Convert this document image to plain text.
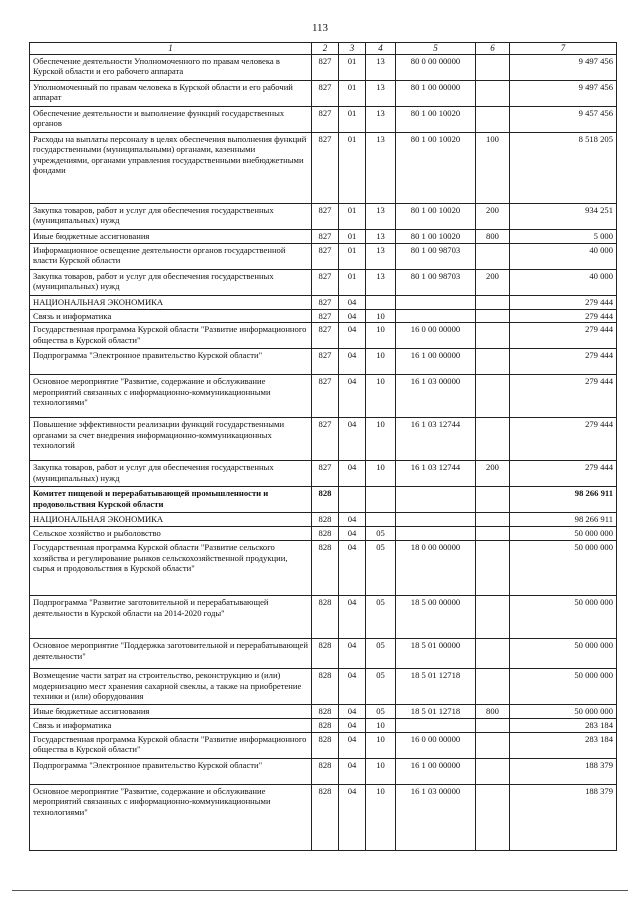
113
1	2	3	4	5	6	7
Обеспечение деятельности Уполномоченного по правам человека в Курской области и его рабочего аппарата	827	01	13	80 0 00 00000		9 497 456
Уполномоченный по правам человека в Курской области и его рабочий аппарат	827	01	13	80 1 00 00000		9 497 456
Обеспечение деятельности и выполнение функций государственных органов	827	01	13	80 1 00 10020		9 457 456
Расходы на выплаты персоналу в целях обеспечения выполнения функций государственными (муниципальными) органами, казенными учреждениями, органами управления государственными внебюджетными фондами	827	01	13	80 1 00 10020	100	8 518 205
Закупка товаров, работ и услуг для обеспечения государственных (муниципальных) нужд	827	01	13	80 1 00 10020	200	934 251
Иные бюджетные ассигнования	827	01	13	80 1 00 10020	800	5 000
Информационное освещение деятельности органов государственной власти Курской области	827	01	13	80 1 00 98703		40 000
Закупка товаров, работ и услуг для обеспечения государственных (муниципальных) нужд	827	01	13	80 1 00 98703	200	40 000
НАЦИОНАЛЬНАЯ ЭКОНОМИКА	827	04				279 444
Связь и информатика	827	04	10			279 444
Государственная программа Курской области "Развитие информационного общества в Курской области"	827	04	10	16 0 00 00000		279 444
Подпрограмма "Электронное правительство Курской области"	827	04	10	16 1 00 00000		279 444
Основное мероприятие "Развитие, содержание и обслуживание мероприятий связанных с информационно-коммуникационными технологиями"	827	04	10	16 1 03 00000		279 444
Повышение эффективности реализации функций государственными органами за счет внедрения информационно-коммуникационных технологий	827	04	10	16 1 03 12744		279 444
Закупка товаров, работ и услуг для обеспечения государственных (муниципальных) нужд	827	04	10	16 1 03 12744	200	279 444
Комитет пищевой и перерабатывающей промышленности и продовольствия Курской области	828					98 266 911
НАЦИОНАЛЬНАЯ ЭКОНОМИКА	828	04				98 266 911
Сельское хозяйство и рыболовство	828	04	05			50 000 000
Государственная программа Курской области "Развитие сельского хозяйства и регулирование рынков сельскохозяйственной продукции, сырья и продовольствия в Курской области"	828	04	05	18 0 00 00000		50 000 000
Подпрограмма "Развитие заготовительной и перерабатывающей деятельности в Курской области на 2014-2020 годы"	828	04	05	18 5 00 00000		50 000 000
Основное мероприятие "Поддержка заготовительной и перерабатывающей деятельности"	828	04	05	18 5 01 00000		50 000 000
Возмещение части затрат на строительство, реконструкцию и (или) модернизацию мест хранения сахарной свеклы, а также на приобретение техники и (или) оборудования	828	04	05	18 5 01 12718		50 000 000
Иные бюджетные ассигнования	828	04	05	18 5 01 12718	800	50 000 000
Связь и информатика	828	04	10			283 184
Государственная программа Курской области "Развитие информационного общества в Курской области"	828	04	10	16 0 00 00000		283 184
Подпрограмма "Электронное правительство Курской области"	828	04	10	16 1 00 00000		188 379
Основное мероприятие "Развитие, содержание и обслуживание мероприятий связанных с информационно-коммуникационными технологиями"	828	04	10	16 1 03 00000		188 379
